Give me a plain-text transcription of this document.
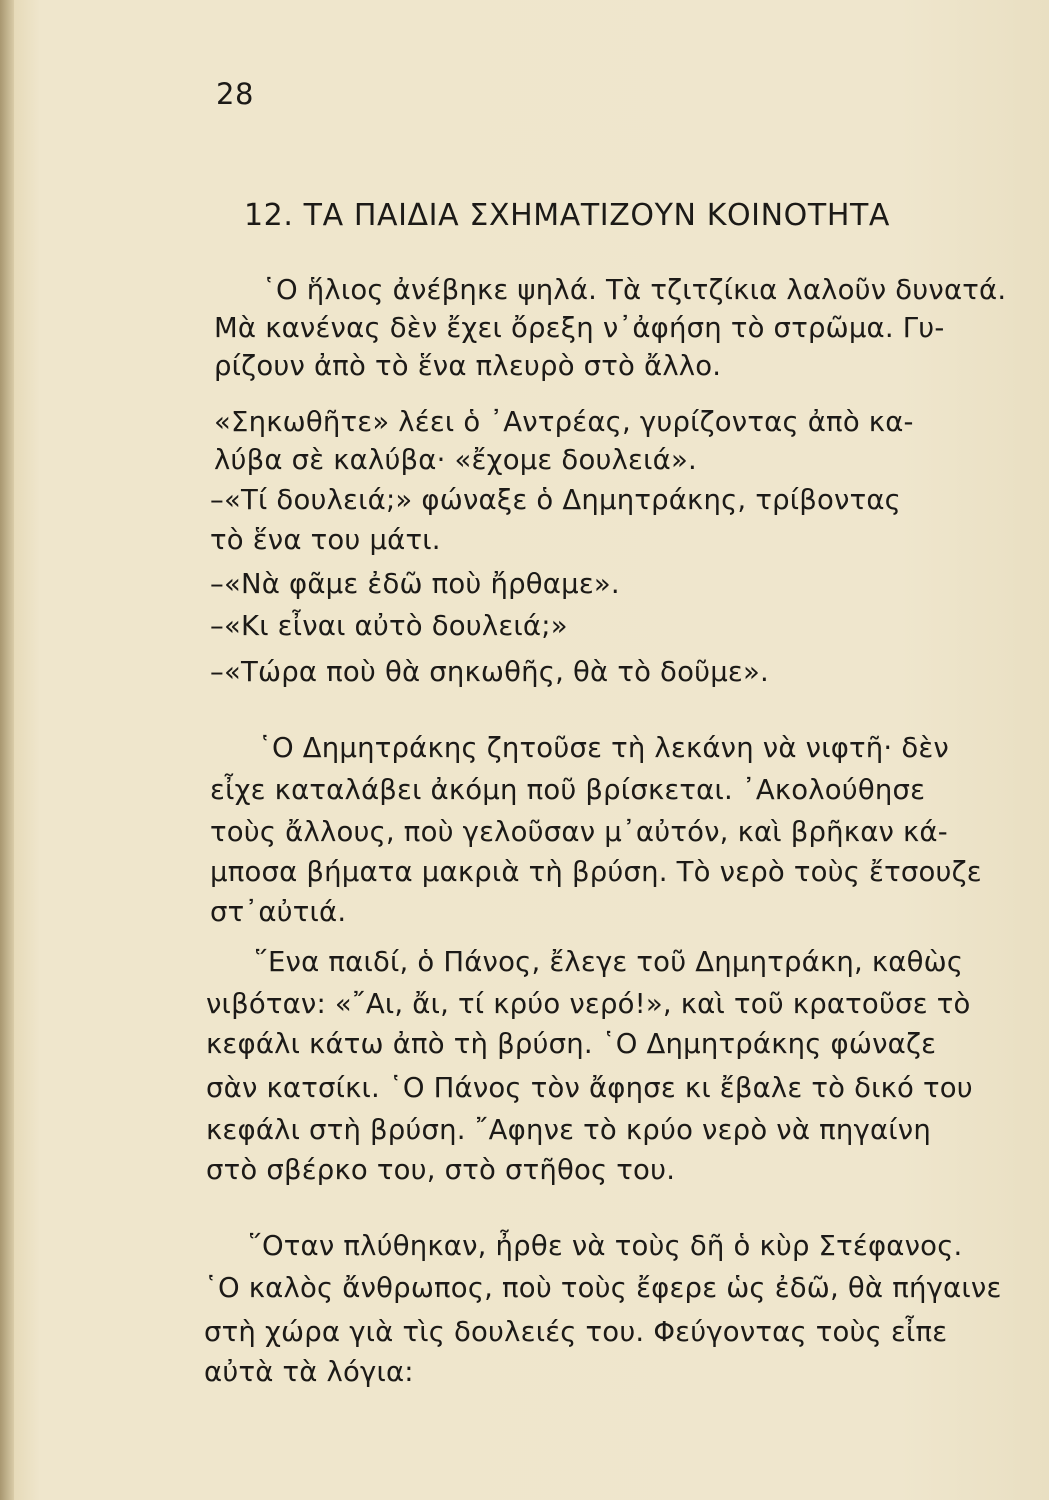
28
12. ΤΑ ΠΑΙΔΙΑ ΣΧΗΜΑΤΙΖΟΥΝ ΚΟΙΝΟΤΗΤΑ
῾Ο ἥλιος ἀνέβηκε ψηλά. Τὰ τζιτζίκια λαλοῦν δυνατά.
Μὰ κανένας δὲν ἔχει ὄρεξη ν᾿ἀφήση τὸ στρῶμα. Γυ-
ρίζουν ἀπὸ τὸ ἕνα πλευρὸ στὸ ἄλλο.
«Σηκωθῆτε» λέει ὁ ᾿Αντρέας, γυρίζοντας ἀπὸ κα-
λύβα σὲ καλύβα· «ἔχομε δουλειά».
–«Τί δουλειά;» φώναξε ὁ Δημητράκης, τρίβοντας
τὸ ἕνα του μάτι.
–«Νὰ φᾶμε ἐδῶ ποὺ ἤρθαμε».
–«Κι εἶναι αὐτὸ δουλειά;»
–«Τώρα ποὺ θὰ σηκωθῆς, θὰ τὸ δοῦμε».
῾Ο Δημητράκης ζητοῦσε τὴ λεκάνη νὰ νιφτῆ· δὲν
εἶχε καταλάβει ἀκόμη ποῦ βρίσκεται. ᾿Ακολούθησε
τοὺς ἄλλους, ποὺ γελοῦσαν μ᾿αὐτόν, καὶ βρῆκαν κά-
μποσα βήματα μακριὰ τὴ βρύση. Τὸ νερὸ τοὺς ἔτσουζε
στ᾿αὐτιά.
῞Ενα παιδί, ὁ Πάνος, ἔλεγε τοῦ Δημητράκη, καθὼς
νιβόταν: «῎Αι, ἄι, τί κρύο νερό!», καὶ τοῦ κρατοῦσε τὸ
κεφάλι κάτω ἀπὸ τὴ βρύση. ῾Ο Δημητράκης φώναζε
σὰν κατσίκι. ῾Ο Πάνος τὸν ἄφησε κι ἔβαλε τὸ δικό του
κεφάλι στὴ βρύση. ῎Αφηνε τὸ κρύο νερὸ νὰ πηγαίνη
στὸ σβέρκο του, στὸ στῆθος του.
῞Οταν πλύθηκαν, ἦρθε νὰ τοὺς δῆ ὁ κὺρ Στέφανος.
῾Ο καλὸς ἄνθρωπος, ποὺ τοὺς ἔφερε ὡς ἐδῶ, θὰ πήγαινε
στὴ χώρα γιὰ τὶς δουλειές του. Φεύγοντας τοὺς εἶπε
αὐτὰ τὰ λόγια:
